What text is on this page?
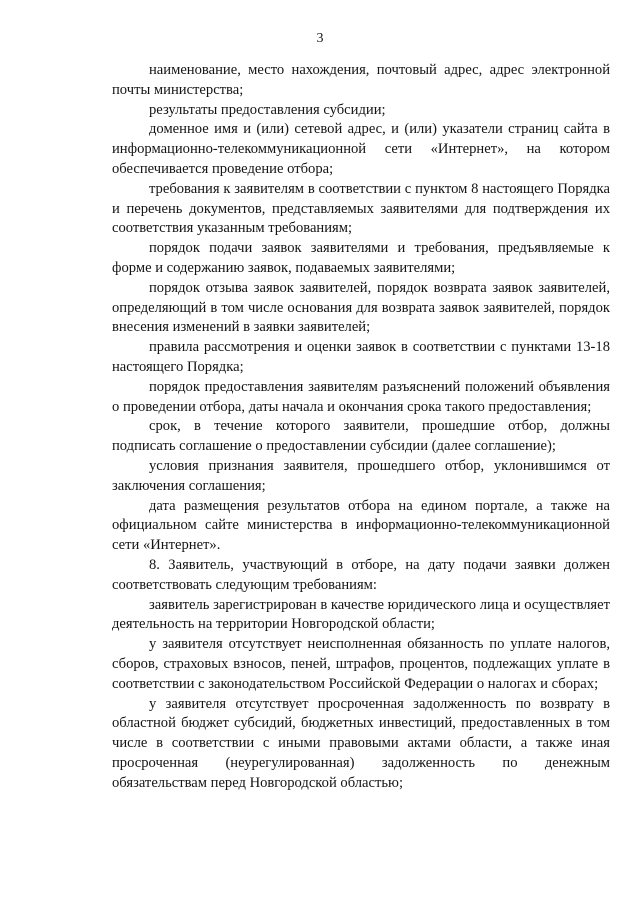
3

наименование, место нахождения, почтовый адрес, адрес электронной почты министерства;

результаты предоставления субсидии;

доменное имя и (или) сетевой адрес, и (или) указатели страниц сайта в информационно-телекоммуникационной сети «Интернет», на котором обеспечивается проведение отбора;

требования к заявителям в соответствии с пунктом 8 настоящего Порядка и перечень документов, представляемых заявителями для подтверждения их соответствия указанным требованиям;

порядок подачи заявок заявителями и требования, предъявляемые к форме и содержанию заявок, подаваемых заявителями;

порядок отзыва заявок заявителей, порядок возврата заявок заявителей, определяющий в том числе основания для возврата заявок заявителей, порядок внесения изменений в заявки заявителей;

правила рассмотрения и оценки заявок в соответствии с пунктами 13-18 настоящего Порядка;

порядок предоставления заявителям разъяснений положений объявления о проведении отбора, даты начала и окончания срока такого предоставления;

срок, в течение которого заявители, прошедшие отбор, должны подписать соглашение о предоставлении субсидии (далее соглашение);

условия признания заявителя, прошедшего отбор, уклонившимся от заключения соглашения;

дата размещения результатов отбора на едином портале, а также на официальном сайте министерства в информационно-телекоммуникационной сети «Интернет».

8. Заявитель, участвующий в отборе, на дату подачи заявки должен соответствовать следующим требованиям:

заявитель зарегистрирован в качестве юридического лица и осуществляет деятельность на территории Новгородской области;

у заявителя отсутствует неисполненная обязанность по уплате налогов, сборов, страховых взносов, пеней, штрафов, процентов, подлежащих уплате в соответствии с законодательством Российской Федерации о налогах и сборах;

у заявителя отсутствует просроченная задолженность по возврату в областной бюджет субсидий, бюджетных инвестиций, предоставленных в том числе в соответствии с иными правовыми актами области, а также иная просроченная (неурегулированная) задолженность по денежным обязательствам перед Новгородской областью;
